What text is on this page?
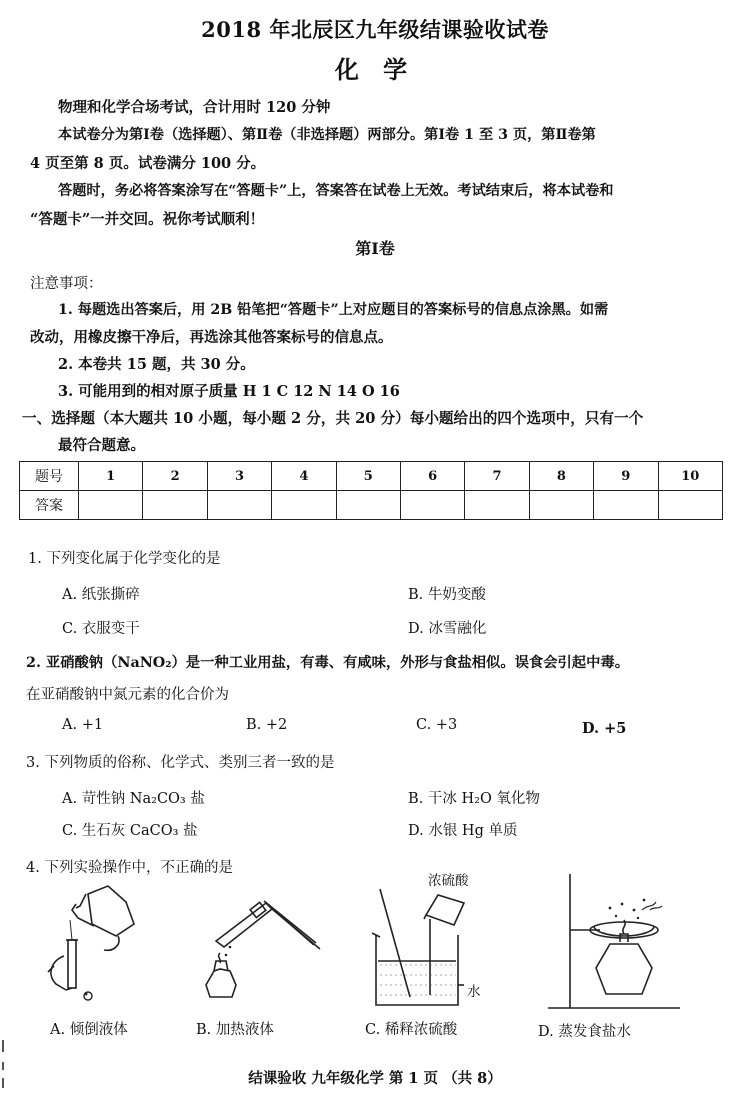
2018 年北辰区九年级结课验收试卷
化 学
物理和化学合场考试，合计用时 120 分钟
本试卷分为第Ⅰ卷（选择题）、第Ⅱ卷（非选择题）两部分。第Ⅰ卷 1 至 3 页，第Ⅱ卷第
4 页至第 8 页。试卷满分 100 分。
答题时，务必将答案涂写在“答题卡”上，答案答在试卷上无效。考试结束后，将本试卷和
“答题卡”一并交回。祝你考试顺利！
第Ⅰ卷
注意事项：
1. 每题选出答案后，用 2B 铅笔把“答题卡”上对应题目的答案标号的信息点涂黑。如需
改动，用橡皮擦干净后，再选涂其他答案标号的信息点。
2. 本卷共 15 题，共 30 分。
3. 可能用到的相对原子质量 H 1 C 12 N 14 O 16
一、选择题（本大题共 10 小题，每小题 2 分，共 20 分）每小题给出的四个选项中，只有一个
最符合题意。
题号	1	2	3	4	5	6	7	8	9	10
答案										
1. 下列变化属于化学变化的是
A. 纸张撕碎	B. 牛奶变酸
C. 衣服变干	D. 冰雪融化
2. 亚硝酸钠（NaNO₂）是一种工业用盐，有毒、有咸味，外形与食盐相似。误食会引起中毒。
在亚硝酸钠中氮元素的化合价为
A. +1	B. +2	C. +3	D. +5
3. 下列物质的俗称、化学式、类别三者一致的是
A. 苛性钠 Na₂CO₃ 盐	B. 干冰 H₂O 氧化物
C. 生石灰 CaCO₃ 盐	D. 水银 Hg 单质
4. 下列实验操作中，不正确的是
A. 倾倒液体	B. 加热液体
浓硫酸
水
C. 稀释浓硫酸	D. 蒸发食盐水
结课验收 九年级化学 第 1 页 （共 8）
